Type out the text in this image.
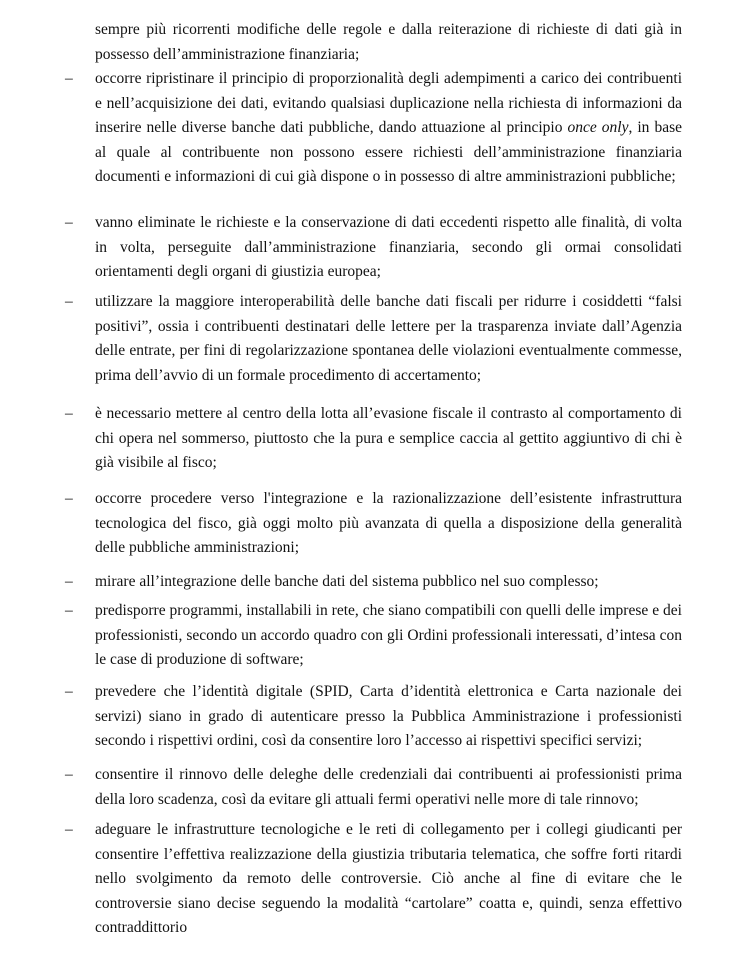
sempre più ricorrenti modifiche delle regole e dalla reiterazione di richieste di dati già in possesso dell’amministrazione finanziaria;

–	occorre ripristinare il principio di proporzionalità degli adempimenti a carico dei contribuenti e nell’acquisizione dei dati, evitando qualsiasi duplicazione nella richiesta di informazioni da inserire nelle diverse banche dati pubbliche, dando attuazione al principio once only, in base al quale al contribuente non possono essere richiesti dell’amministrazione finanziaria documenti e informazioni di cui già dispone o in possesso di altre amministrazioni pubbliche;
–	vanno eliminate le richieste e la conservazione di dati eccedenti rispetto alle finalità, di volta in volta, perseguite dall’amministrazione finanziaria, secondo gli ormai consolidati orientamenti degli organi di giustizia europea;
–	utilizzare la maggiore interoperabilità delle banche dati fiscali per ridurre i cosiddetti “falsi positivi”, ossia i contribuenti destinatari delle lettere per la trasparenza inviate dall’Agenzia delle entrate, per fini di regolarizzazione spontanea delle violazioni eventualmente commesse, prima dell’avvio di un formale procedimento di accertamento;
–	è necessario mettere al centro della lotta all’evasione fiscale il contrasto al comportamento di chi opera nel sommerso, piuttosto che la pura e semplice caccia al gettito aggiuntivo di chi è già visibile al fisco;
–	occorre procedere verso l'integrazione e la razionalizzazione dell’esistente infrastruttura tecnologica del fisco, già oggi molto più avanzata di quella a disposizione della generalità delle pubbliche amministrazioni;
–	mirare all’integrazione delle banche dati del sistema pubblico nel suo complesso;
–	predisporre programmi, installabili in rete, che siano compatibili con quelli delle imprese e dei professionisti, secondo un accordo quadro con gli Ordini professionali interessati, d’intesa con le case di produzione di software;
–	prevedere che l’identità digitale (SPID, Carta d’identità elettronica e Carta nazionale dei servizi) siano in grado di autenticare presso la Pubblica Amministrazione i professionisti secondo i rispettivi ordini, così da consentire loro l’accesso ai rispettivi specifici servizi;
–	consentire il rinnovo delle deleghe delle credenziali dai contribuenti ai professionisti prima della loro scadenza, così da evitare gli attuali fermi operativi nelle more di tale rinnovo;
–	adeguare le infrastrutture tecnologiche e le reti di collegamento per i collegi giudicanti per consentire l’effettiva realizzazione della giustizia tributaria telematica, che soffre forti ritardi nello svolgimento da remoto delle controversie. Ciò anche al fine di evitare che le controversie siano decise seguendo la modalità “cartolare” coatta e, quindi, senza effettivo contraddittorio
